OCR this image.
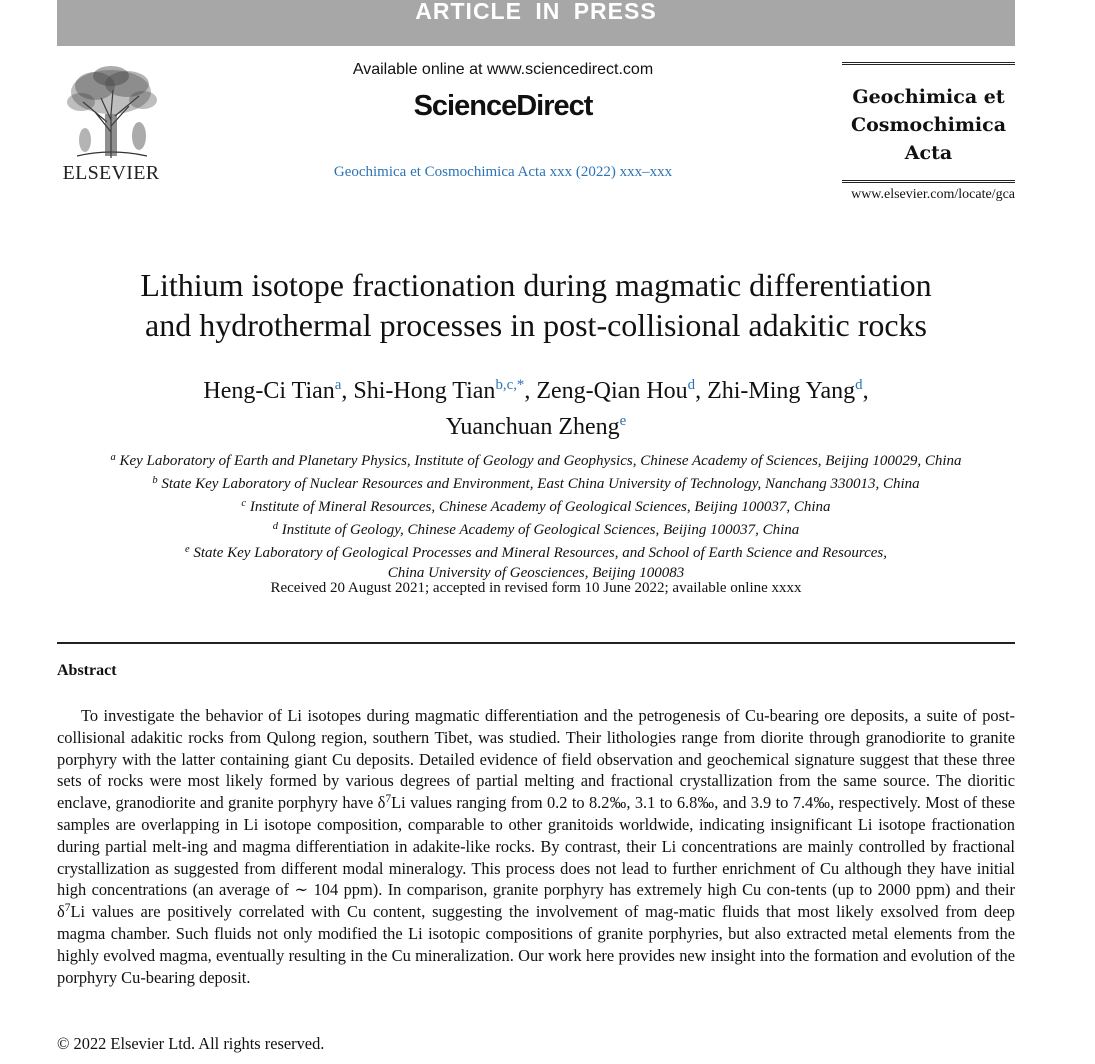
ARTICLE IN PRESS
ELSEVIER
Available online at www.sciencedirect.com
ScienceDirect
Geochimica et Cosmochimica Acta xxx (2022) xxx–xxx
Geochimica et
Cosmochimica
Acta
www.elsevier.com/locate/gca
Lithium isotope fractionation during magmatic differentiation
and hydrothermal processes in post-collisional adakitic rocks
Heng-Ci Tian$^a$, Shi-Hong Tian$^{b,c,*}$, Zeng-Qian Hou$^d$, Zhi-Ming Yang$^d$,
Yuanchuan Zheng$^e$
$^a$ Key Laboratory of Earth and Planetary Physics, Institute of Geology and Geophysics, Chinese Academy of Sciences, Beijing 100029, China
$^b$ State Key Laboratory of Nuclear Resources and Environment, East China University of Technology, Nanchang 330013, China
$^c$ Institute of Mineral Resources, Chinese Academy of Geological Sciences, Beijing 100037, China
$^d$ Institute of Geology, Chinese Academy of Geological Sciences, Beijing 100037, China
$^e$ State Key Laboratory of Geological Processes and Mineral Resources, and School of Earth Science and Resources,
China University of Geosciences, Beijing 100083
Received 20 August 2021; accepted in revised form 10 June 2022; available online xxxx
Abstract

To investigate the behavior of Li isotopes during magmatic differentiation and the petrogenesis of Cu-bearing ore deposits, a suite of post-collisional adakitic rocks from Qulong region, southern Tibet, was studied. Their lithologies range from diorite through granodiorite to granite porphyry with the latter containing giant Cu deposits. Detailed evidence of field observation and geochemical signature suggest that these three sets of rocks were most likely formed by various degrees of partial melting and fractional crystallization from the same source. The dioritic enclave, granodiorite and granite porphyry have $\delta^7Li$ values ranging from 0.2 to 8.2‰, 3.1 to 6.8‰, and 3.9 to 7.4‰, respectively. Most of these samples are overlapping in Li isotope composition, comparable to other granitoids worldwide, indicating insignificant Li isotope fractionation during partial melt-ing and magma differentiation in adakite-like rocks. By contrast, their Li concentrations are mainly controlled by fractional crystallization as suggested from different modal mineralogy. This process does not lead to further enrichment of Cu although they have initial high concentrations (an average of ∼ 104 ppm). In comparison, granite porphyry has extremely high Cu con-tents (up to 2000 ppm) and their $\delta^7Li$ values are positively correlated with Cu content, suggesting the involvement of mag-matic fluids that most likely exsolved from deep magma chamber. Such fluids not only modified the Li isotopic compositions of granite porphyries, but also extracted metal elements from the highly evolved magma, eventually resulting in the Cu mineralization. Our work here provides new insight into the formation and evolution of the porphyry Cu-bearing deposit.

© 2022 Elsevier Ltd. All rights reserved.
